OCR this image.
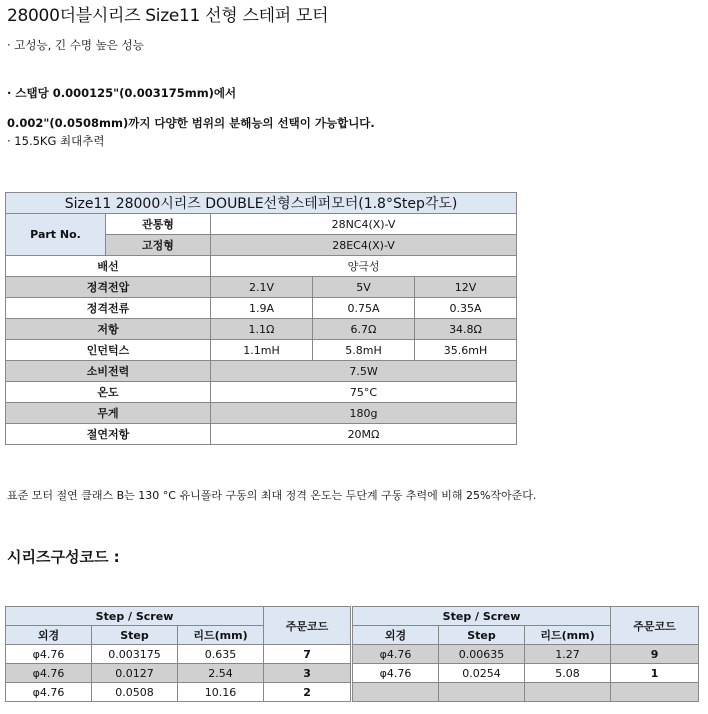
28000더블시리즈 Size11 선형 스테퍼 모터
· 고성능, 긴 수명 높은 성능
· 스탭당 0.000125"(0.003175mm)에서
0.002"(0.0508mm)까지 다양한 범위의 분해능의 선택이 가능합니다.
· 15.5KG 최대추력
Size11 28000시리즈 DOUBLE선형스테퍼모터(1.8°Step각도)				
Part No.	관통형	28NC4(X)-V		
	고정형	28EC4(X)-V		
배선		양극성		
정격전압		2.1V	5V	12V
정격전류		1.9A	0.75A	0.35A
저항		1.1Ω	6.7Ω	34.8Ω
인던턱스		1.1mH	5.8mH	35.6mH
소비전력		7.5W		
온도		75°C		
무게		180g		
절연저항		20MΩ		
표준 모터 절연 클래스 B는 130 °C 유니폴라 구동의 최대 정격 온도는 두단계 구동 추력에 비해 25%작아준다.
시리즈구성코드 :
Step / Screw			주문코드
외경	Step	리드(mm)	
φ4.76	0.003175	0.635	7
φ4.76	0.0127	2.54	3
φ4.76	0.0508	10.16	2
Step / Screw			주문코드
외경	Step	리드(mm)	
φ4.76	0.00635	1.27	9
φ4.76	0.0254	5.08	1
